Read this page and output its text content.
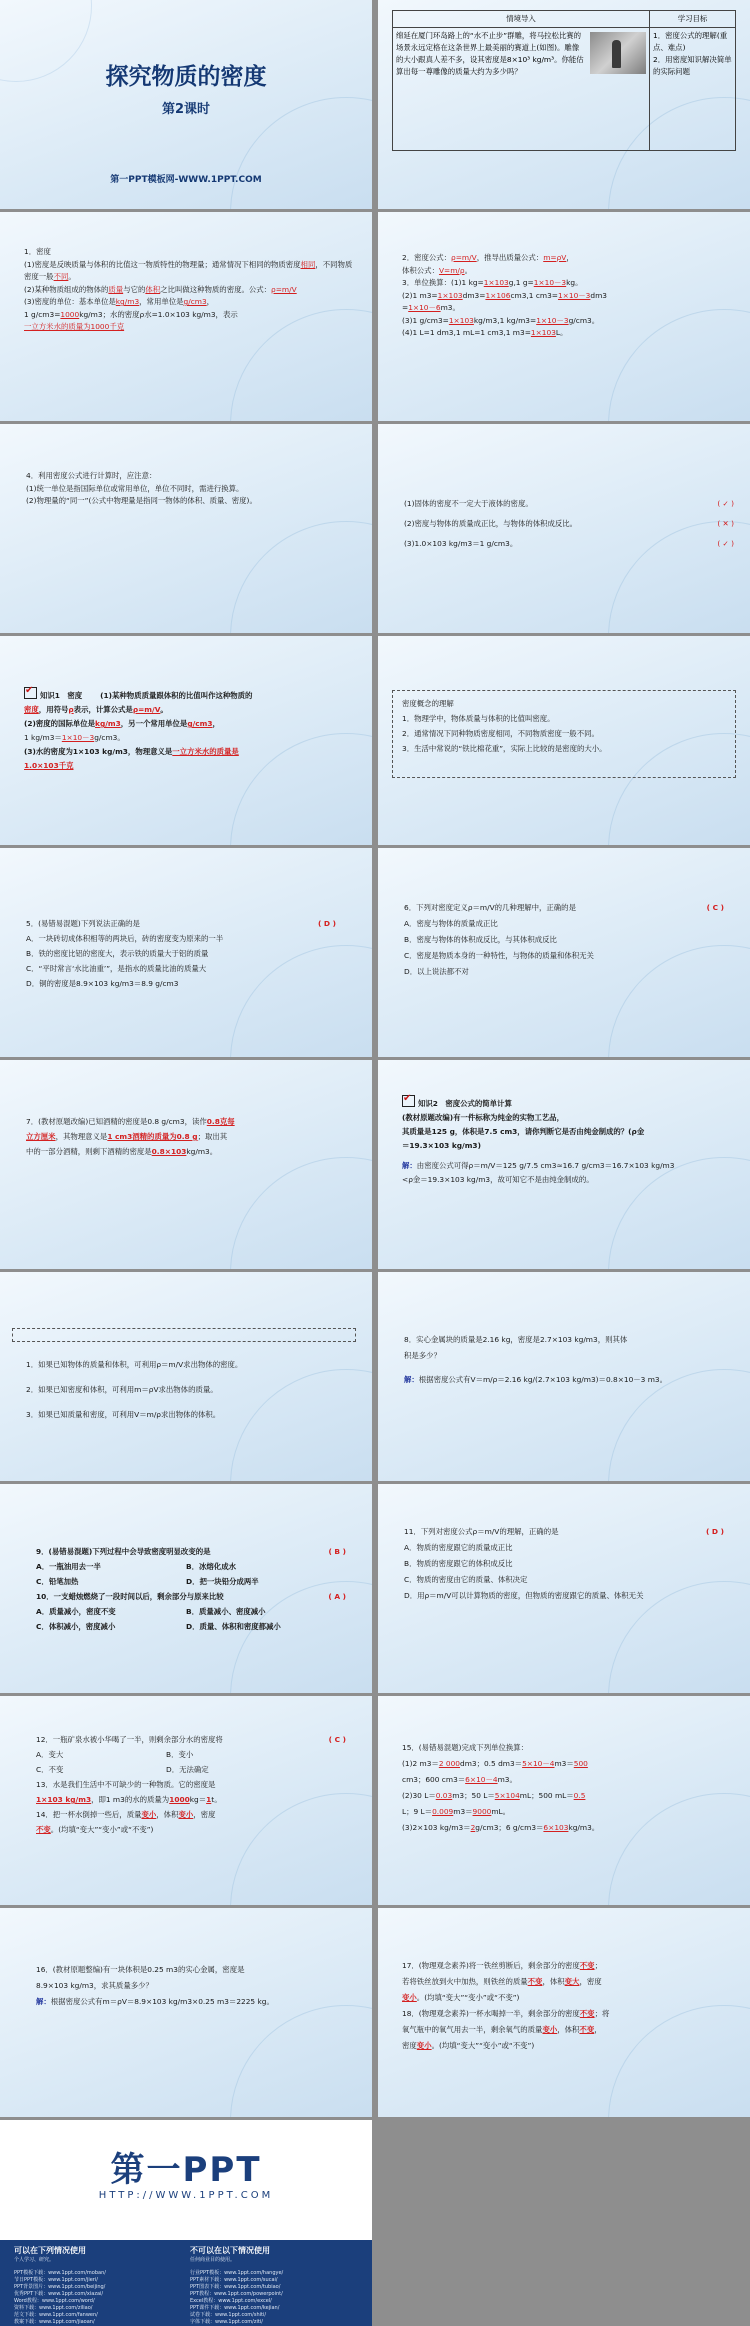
探究物质的密度
第2课时
第一PPT模板网-WWW.1PPT.COM
情境导入	学习目标

绵延在厦门环岛路上的“水不止步”群雕，将马拉松比赛的场景永远定格在这条世界上最美丽的赛道上(如图)。雕像的大小跟真人差不多，设其密度是8×10³ kg/m³。你能估算出每一尊雕像的质量大约为多少吗？	1．密度公式的理解(重点、难点)
2．用密度知识解决简单的实际问题
1．密度
(1)密度是反映质量与体积的比值这一物质特性的物理量；通常情况下相同的物质密度相同，不同物质密度一般不同。
(2)某种物质组成的物体的质量与它的体积之比叫做这种物质的密度。公式：ρ=m/V
(3)密度的单位：基本单位是kg/m3，常用单位是g/cm3，
1 g/cm3=1000kg/m3；水的密度ρ水=1.0×103 kg/m3，表示
一立方米水的质量为1000千克
2．密度公式：ρ=m/V，推导出质量公式：m=ρV，
体积公式：V=m/ρ。
3．单位换算：(1)1 kg=1×103g,1 g=1×10－3kg。
(2)1 m3=1×103dm3=1×106cm3,1 cm3=1×10－3dm3
=1×10－6m3。
(3)1 g/cm3=1×103kg/m3,1 kg/m3=1×10－3g/cm3。
(4)1 L=1 dm3,1 mL=1 cm3,1 m3=1×103L。
4．利用密度公式进行计算时，应注意：
(1)统一单位是指国际单位或常用单位，单位不同时，需进行换算。
(2)物理量的“同一”(公式中物理量是指同一物体的体积、质量、密度)。	(1)固体的密度不一定大于液体的密度。	( ✓ )
(2)密度与物体的质量成正比，与物体的体积成反比。	( ✕ )
(3)1.0×103 kg/m3＝1 g/cm3。	( ✓ )
✔知识1　密度 (1)某种物质质量跟体积的比值叫作这种物质的
密度，用符号ρ表示，计算公式是ρ=m/V。
(2)密度的国际单位是kg/m3，另一个常用单位是g/cm3，
1 kg/m3＝1×10－3g/cm3。
(3)水的密度为1×103 kg/m3，物理意义是一立方米水的质量是
1.0×103千克
密度概念的理解
1．物理学中，物体质量与体积的比值叫密度。
2．通常情况下同种物质密度相同，不同物质密度一般不同。
3．生活中常说的“铁比棉花重”，实际上比较的是密度的大小。
5．(易错易混题)下列说法正确的是	( D )
A．一块砖切成体积相等的两块后，砖的密度变为原来的一半
B．铁的密度比铝的密度大，表示铁的质量大于铝的质量
C．“平时常言‘水比油重’”，是指水的质量比油的质量大
D．铜的密度是8.9×103 kg/m3＝8.9 g/cm3
6．下列对密度定义ρ＝m/V的几种理解中，正确的是	( C )
A．密度与物体的质量成正比
B．密度与物体的体积成反比，与其体积成反比
C．密度是物质本身的一种特性，与物体的质量和体积无关
D．以上说法都不对
7．(教材原题改编)已知酒精的密度是0.8 g/cm3，读作0.8克每
立方厘米，其物理意义是1 cm3酒精的质量为0.8 g；取出其
中的一部分酒精，则剩下酒精的密度是0.8×103kg/m3。
✔知识2　密度公式的简单计算
(教材原题改编)有一件标称为纯金的实物工艺品，
其质量是125 g，体积是7.5 cm3，请你判断它是否由纯金制成的？(ρ金
＝19.3×103 kg/m3)
解：由密度公式可得ρ＝m/V＝125 g/7.5 cm3≈16.7 g/cm3＝16.7×103 kg/m3
<ρ金＝19.3×103 kg/m3，故可知它不是由纯金制成的。
1．如果已知物体的质量和体积，可利用ρ＝m/V求出物体的密度。
2．如果已知密度和体积，可利用m＝ρV求出物体的质量。
3．如果已知质量和密度，可利用V＝m/ρ求出物体的体积。
8．实心金属块的质量是2.16 kg，密度是2.7×103 kg/m3，则其体
积是多少？
解：根据密度公式有V＝m/ρ＝2.16 kg/(2.7×103 kg/m3)＝0.8×10－3 m3。
9．(易错易混题)下列过程中会导致密度明显改变的是	( B )
A．一瓶油用去一半	B．冰熔化成水
C．铅笔加热	D．把一块铅分成两半
10．一支蜡烛燃烧了一段时间以后，剩余部分与原来比较	( A )
A．质量减小，密度不变	B．质量减小、密度减小
C．体积减小，密度减小	D．质量、体积和密度都减小
11．下列对密度公式ρ＝m/V的理解，正确的是	( D )
A．物质的密度跟它的质量成正比
B．物质的密度跟它的体积成反比
C．物质的密度由它的质量、体积决定
D．用ρ＝m/V可以计算物质的密度，但物质的密度跟它的质量、体积无关
12．一瓶矿泉水被小华喝了一半，则剩余部分水的密度将	( C )
A．变大	B．变小
C．不变	D．无法确定
13．水是我们生活中不可缺少的一种物质。它的密度是
1×103 kg/m3，即1 m3的水的质量为1000kg＝1t。
14．把一杯水倒掉一些后，质量变小，体积变小，密度
不变。(均填“变大”“变小”或“不变”)
15．(易错易混题)完成下列单位换算：
(1)2 m3＝2 000dm3；0.5 dm3＝5×10－4m3＝500
cm3；600 cm3＝6×10－4m3。
(2)30 L＝0.03m3；50 L＝5×104mL；500 mL＝0.5
L；9 L＝0.009m3＝9000mL。
(3)2×103 kg/m3＝2g/cm3；6 g/cm3＝6×103kg/m3。
16．(教材原题整编)有一块体积是0.25 m3的实心金属，密度是
8.9×103 kg/m3，求其质量多少？
解：根据密度公式有m＝ρV＝8.9×103 kg/m3×0.25 m3＝2225 kg。
17．(物理观念素养)将一铁丝剪断后，剩余部分的密度不变；
若将铁丝放到火中加热，则铁丝的质量不变，体积变大，密度
变小。(均填“变大”“变小”或“不变”)
18．(物理观念素养)一杯水喝掉一半，剩余部分的密度不变；将
氧气瓶中的氧气用去一半，剩余氧气的质量变小，体积不变，
密度变小。(均填“变大”“变小”或“不变”)
第一PPT
HTTP://WWW.1PPT.COM
可以在下列情况使用	不可以在以下情况使用
个人学习、研究。	任何商业目的使用。
PPT模板下载：www.1ppt.com/moban/
节日PPT模板：www.1ppt.com/jieri/
PPT背景图片：www.1ppt.com/beijing/
优秀PPT下载：www.1ppt.com/xiazai/
Word教程：www.1ppt.com/word/
资料下载：www.1ppt.com/ziliao/
范文下载：www.1ppt.com/fanwen/
教案下载：www.1ppt.com/jiaoan/
行业PPT模板：www.1ppt.com/hangye/
PPT素材下载：www.1ppt.com/sucai/
PPT图表下载：www.1ppt.com/tubiao/
PPT教程：www.1ppt.com/powerpoint/
Excel教程：www.1ppt.com/excel/
PPT课件下载：www.1ppt.com/kejian/
试卷下载：www.1ppt.com/shiti/
字体下载：www.1ppt.com/ziti/
